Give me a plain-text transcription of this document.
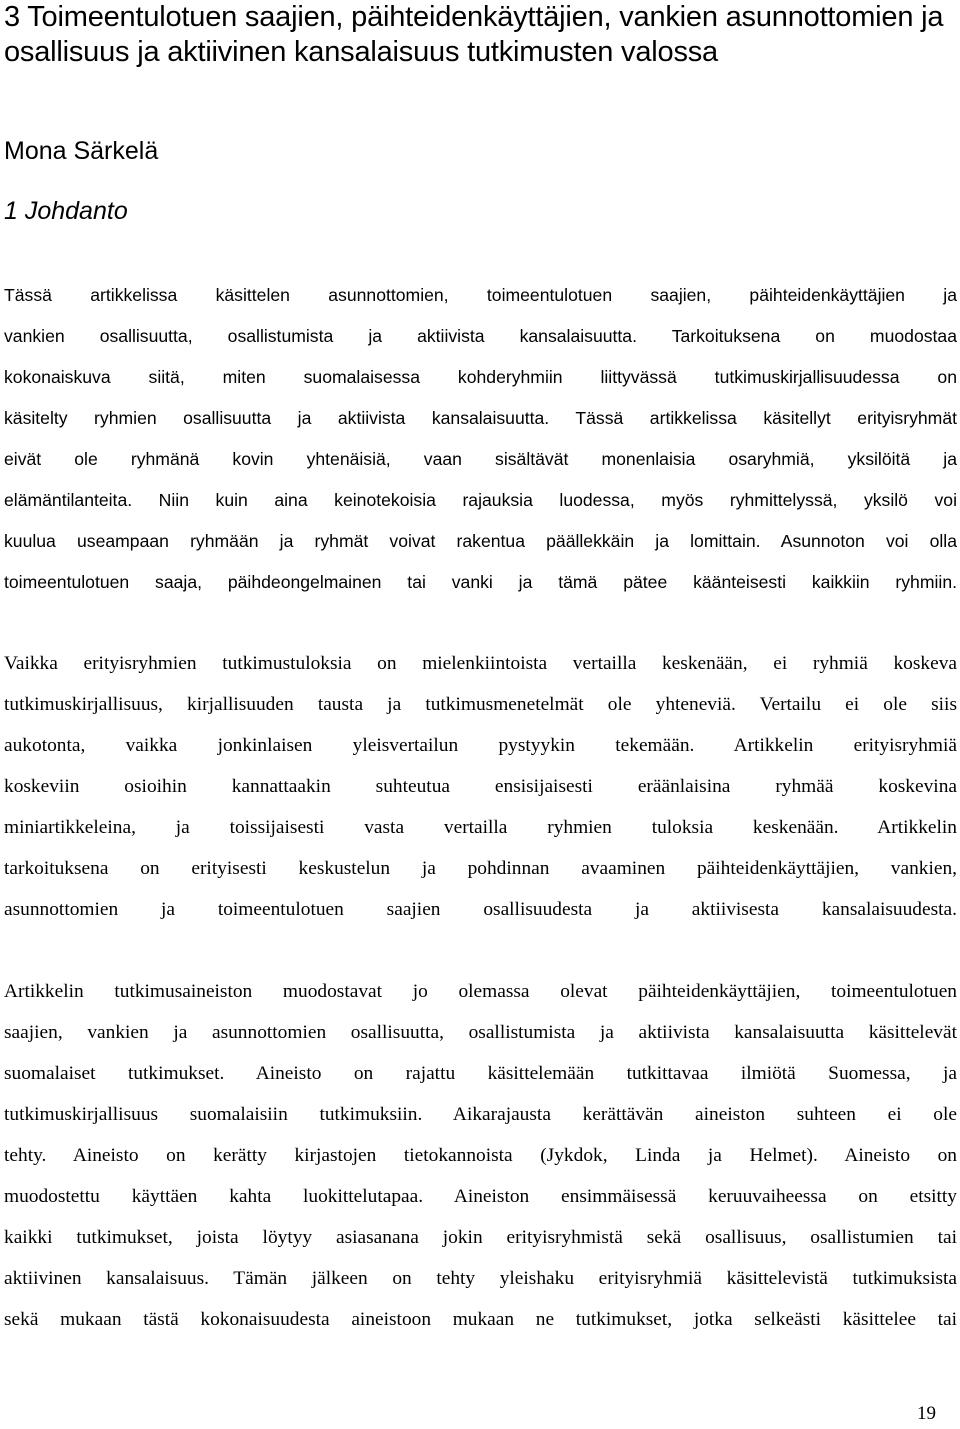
3 Toimeentulotuen saajien, päihteidenkäyttäjien, vankien asunnottomien ja osallisuus ja aktiivinen kansalaisuus tutkimusten valossa
Mona Särkelä
1 Johdanto
Tässä artikkelissa käsittelen asunnottomien, toimeentulotuen saajien, päihteidenkäyttäjien ja
vankien osallisuutta, osallistumista ja aktiivista kansalaisuutta. Tarkoituksena on muodostaa
kokonaiskuva siitä, miten suomalaisessa kohderyhmiin liittyvässä tutkimuskirjallisuudessa on
käsitelty ryhmien osallisuutta ja aktiivista kansalaisuutta. Tässä artikkelissa käsitellyt erityisryhmät
eivät ole ryhmänä kovin yhtenäisiä, vaan sisältävät monenlaisia osaryhmiä, yksilöitä ja
elämäntilanteita. Niin kuin aina keinotekoisia rajauksia luodessa, myös ryhmittelyssä, yksilö voi
kuulua useampaan ryhmään ja ryhmät voivat rakentua päällekkäin ja lomittain. Asunnoton voi olla
toimeentulotuen saaja, päihdeongelmainen tai vanki ja tämä pätee käänteisesti kaikkiin ryhmiin.
Vaikka erityisryhmien tutkimustuloksia on mielenkiintoista vertailla keskenään, ei ryhmiä koskeva
tutkimuskirjallisuus, kirjallisuuden tausta ja tutkimusmenetelmät ole yhteneviä. Vertailu ei ole siis
aukotonta, vaikka jonkinlaisen yleisvertailun pystyykin tekemään. Artikkelin erityisryhmiä
koskeviin osioihin kannattaakin suhteutua ensisijaisesti eräänlaisina ryhmää koskevina
miniartikkeleina, ja toissijaisesti vasta vertailla ryhmien tuloksia keskenään. Artikkelin
tarkoituksena on erityisesti keskustelun ja pohdinnan avaaminen päihteidenkäyttäjien, vankien,
asunnottomien ja toimeentulotuen saajien osallisuudesta ja aktiivisesta kansalaisuudesta.
Artikkelin tutkimusaineiston muodostavat jo olemassa olevat päihteidenkäyttäjien, toimeentulotuen
saajien, vankien ja asunnottomien osallisuutta, osallistumista ja aktiivista kansalaisuutta käsittelevät
suomalaiset tutkimukset. Aineisto on rajattu käsittelemään tutkittavaa ilmiötä Suomessa, ja
tutkimuskirjallisuus suomalaisiin tutkimuksiin. Aikarajausta kerättävän aineiston suhteen ei ole
tehty. Aineisto on kerätty kirjastojen tietokannoista (Jykdok, Linda ja Helmet). Aineisto on
muodostettu käyttäen kahta luokittelutapaa. Aineiston ensimmäisessä keruuvaiheessa on etsitty
kaikki tutkimukset, joista löytyy asiasanana jokin erityisryhmistä sekä osallisuus, osallistumien tai
aktiivinen kansalaisuus. Tämän jälkeen on tehty yleishaku erityisryhmiä käsittelevistä tutkimuksista
sekä mukaan tästä kokonaisuudesta aineistoon mukaan ne tutkimukset, jotka selkeästi käsittelee tai
19
